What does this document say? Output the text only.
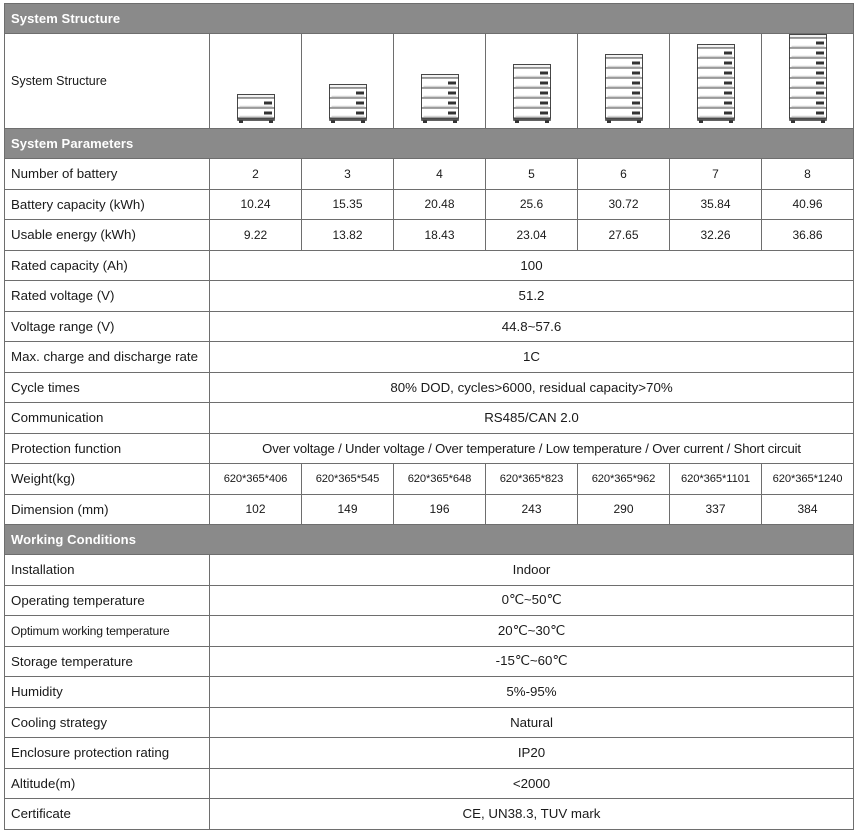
System Structure							
System Structure	

System Parameters							
Number of battery	2	3	4	5	6	7	8
Battery capacity (kWh)	10.24	15.35	20.48	25.6	30.72	35.84	40.96
Usable energy (kWh)	9.22	13.82	18.43	23.04	27.65	32.26	36.86
Rated capacity (Ah)	100						
Rated voltage (V)	51.2						
Voltage range (V)	44.8~57.6						
Max. charge and discharge rate	1C						
Cycle times	80% DOD, cycles>6000, residual capacity>70%						
Communication	RS485/CAN 2.0						
Protection function	Over voltage / Under voltage / Over temperature / Low temperature / Over current / Short circuit						
Weight(kg)	620*365*406	620*365*545	620*365*648	620*365*823	620*365*962	620*365*1101	620*365*1240
Dimension (mm)	102	149	196	243	290	337	384
Working Conditions							
Installation	Indoor						
Operating temperature	0℃~50℃						
Optimum working temperature	20℃~30℃						
Storage temperature	-15℃~60℃						
Humidity	5%-95%						
Cooling strategy	Natural						
Enclosure protection rating	IP20						
Altitude(m)	<2000						
Certificate	CE, UN38.3, TUV mark						
